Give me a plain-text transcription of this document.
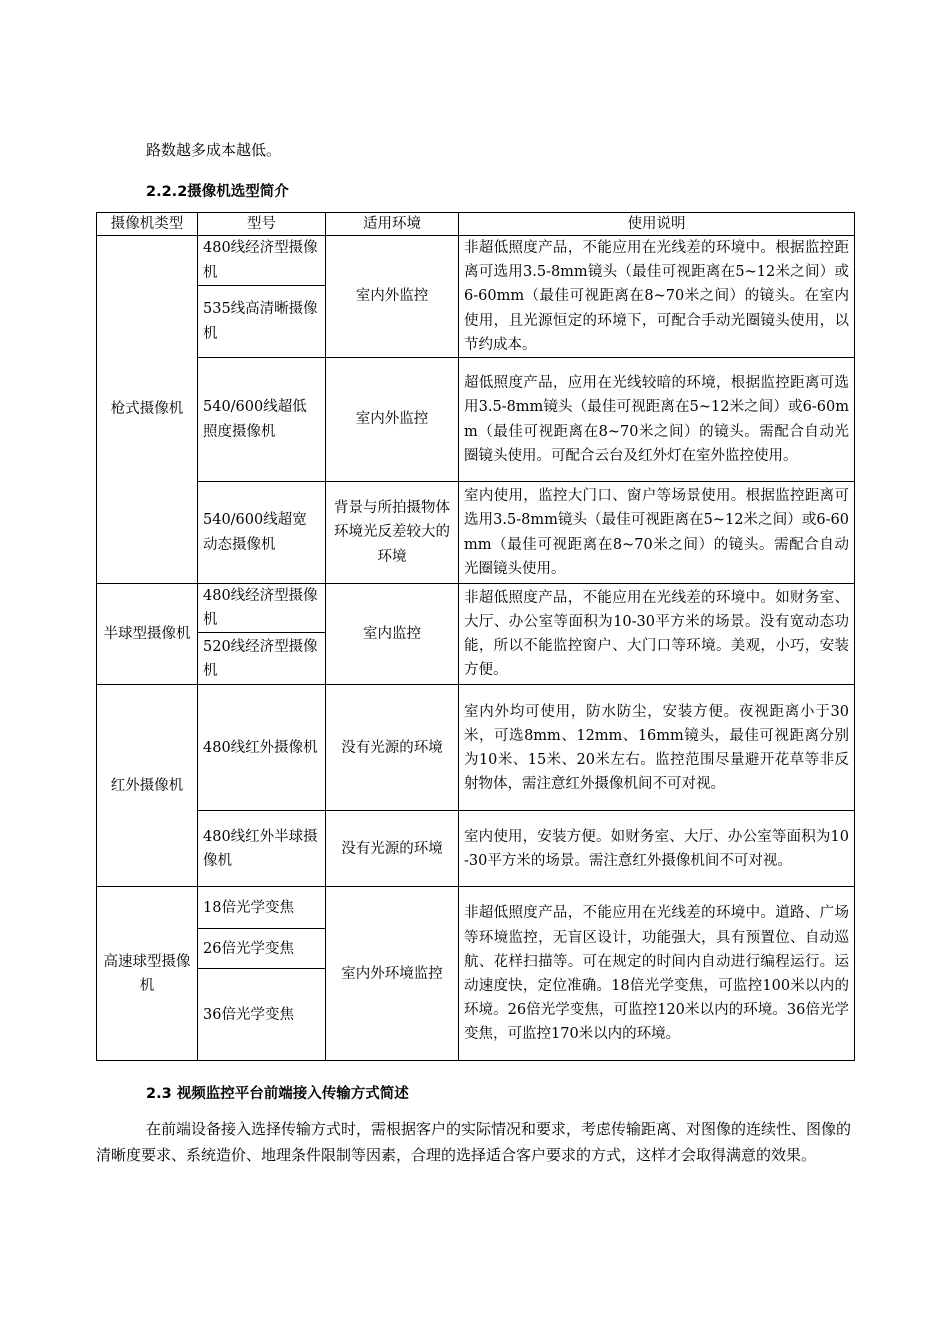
路数越多成本越低。

2.2.2摄像机选型简介

摄像机类型	型号	适用环境	使用说明
枪式摄像机	480线经济型摄像机	室内外监控	非超低照度产品，不能应用在光线差的环境中。根据监控距离可选用3.5-8mm镜头（最佳可视距离在5~12米之间）或6-60mm（最佳可视距离在8~70米之间）的镜头。在室内使用，且光源恒定的环境下，可配合手动光圈镜头使用，以节约成本。
	535线高清晰摄像机		
	540/600线超低照度摄像机	室内外监控	超低照度产品，应用在光线较暗的环境，根据监控距离可选用3.5-8mm镜头（最佳可视距离在5~12米之间）或6-60mm（最佳可视距离在8~70米之间）的镜头。需配合自动光圈镜头使用。可配合云台及红外灯在室外监控使用。
	540/600线超宽动态摄像机	背景与所拍摄物体环境光反差较大的环境	室内使用，监控大门口、窗户等场景使用。根据监控距离可选用3.5-8mm镜头（最佳可视距离在5~12米之间）或6-60mm（最佳可视距离在8~70米之间）的镜头。需配合自动光圈镜头使用。
半球型摄像机	480线经济型摄像机	室内监控	非超低照度产品，不能应用在光线差的环境中。如财务室、大厅、办公室等面积为10-30平方米的场景。没有宽动态功能，所以不能监控窗户、大门口等环境。美观，小巧，安装方便。
	520线经济型摄像机		
红外摄像机	480线红外摄像机	没有光源的环境	室内外均可使用，防水防尘，安装方便。夜视距离小于30米，可选8mm、12mm、16mm镜头，最佳可视距离分别为10米、15米、20米左右。监控范围尽量避开花草等非反射物体，需注意红外摄像机间不可对视。
	480线红外半球摄像机	没有光源的环境	室内使用，安装方便。如财务室、大厅、办公室等面积为10-30平方米的场景。需注意红外摄像机间不可对视。
高速球型摄像机	18倍光学变焦	室内外环境监控	非超低照度产品，不能应用在光线差的环境中。道路、广场等环境监控，无盲区设计，功能强大，具有预置位、自动巡航、花样扫描等。可在规定的时间内自动进行编程运行。运动速度快，定位准确。18倍光学变焦，可监控100米以内的环境。26倍光学变焦，可监控120米以内的环境。36倍光学变焦，可监控170米以内的环境。
	26倍光学变焦		
	36倍光学变焦		

2.3 视频监控平台前端接入传输方式简述

在前端设备接入选择传输方式时，需根据客户的实际情况和要求，考虑传输距离、对图像的连续性、图像的清晰度要求、系统造价、地理条件限制等因素，合理的选择适合客户要求的方式，这样才会取得满意的效果。
